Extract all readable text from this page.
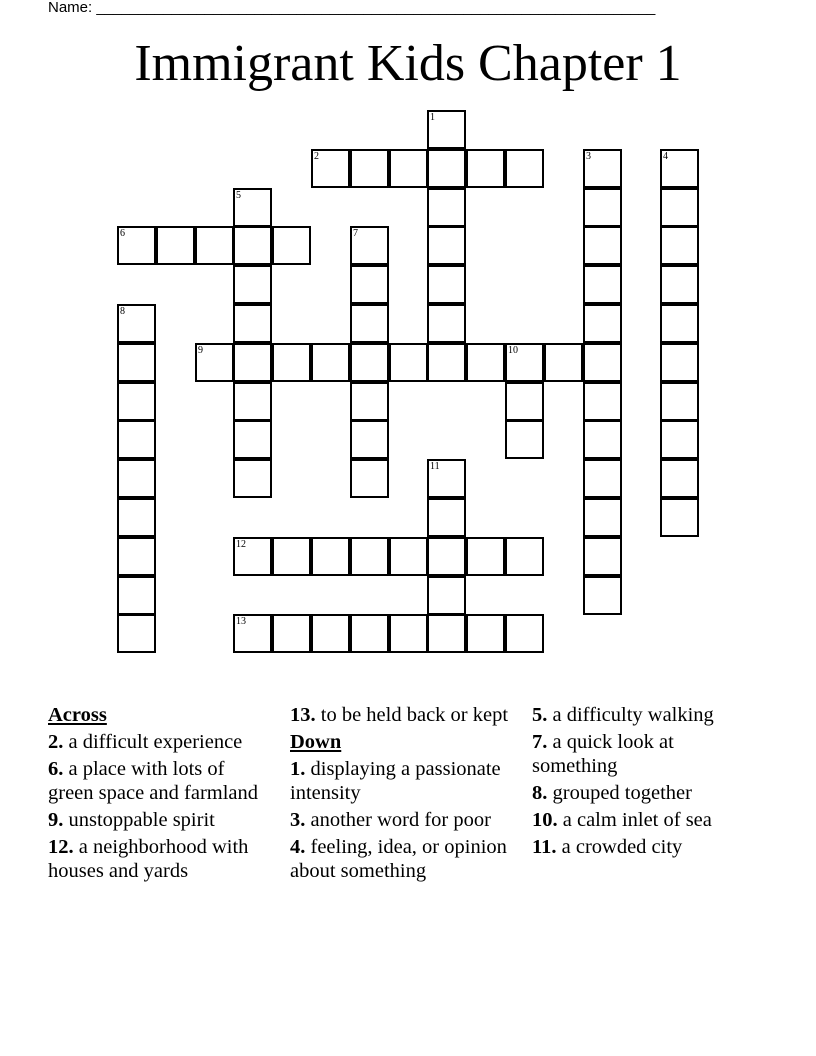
Name: ___________________________________________________________________
Immigrant Kids Chapter 1
1
2	3	4
5
6	7
8
9	10
11
12
13
Across
2. a difficult experience
6. a place with lots of green space and farmland
9. unstoppable spirit
12. a neighborhood with houses and yards
13. to be held back or kept
Down
1. displaying a passionate intensity
3. another word for poor
4. feeling, idea, or opinion about something
5. a difficulty walking
7. a quick look at something
8. grouped together
10. a calm inlet of sea
11. a crowded city
